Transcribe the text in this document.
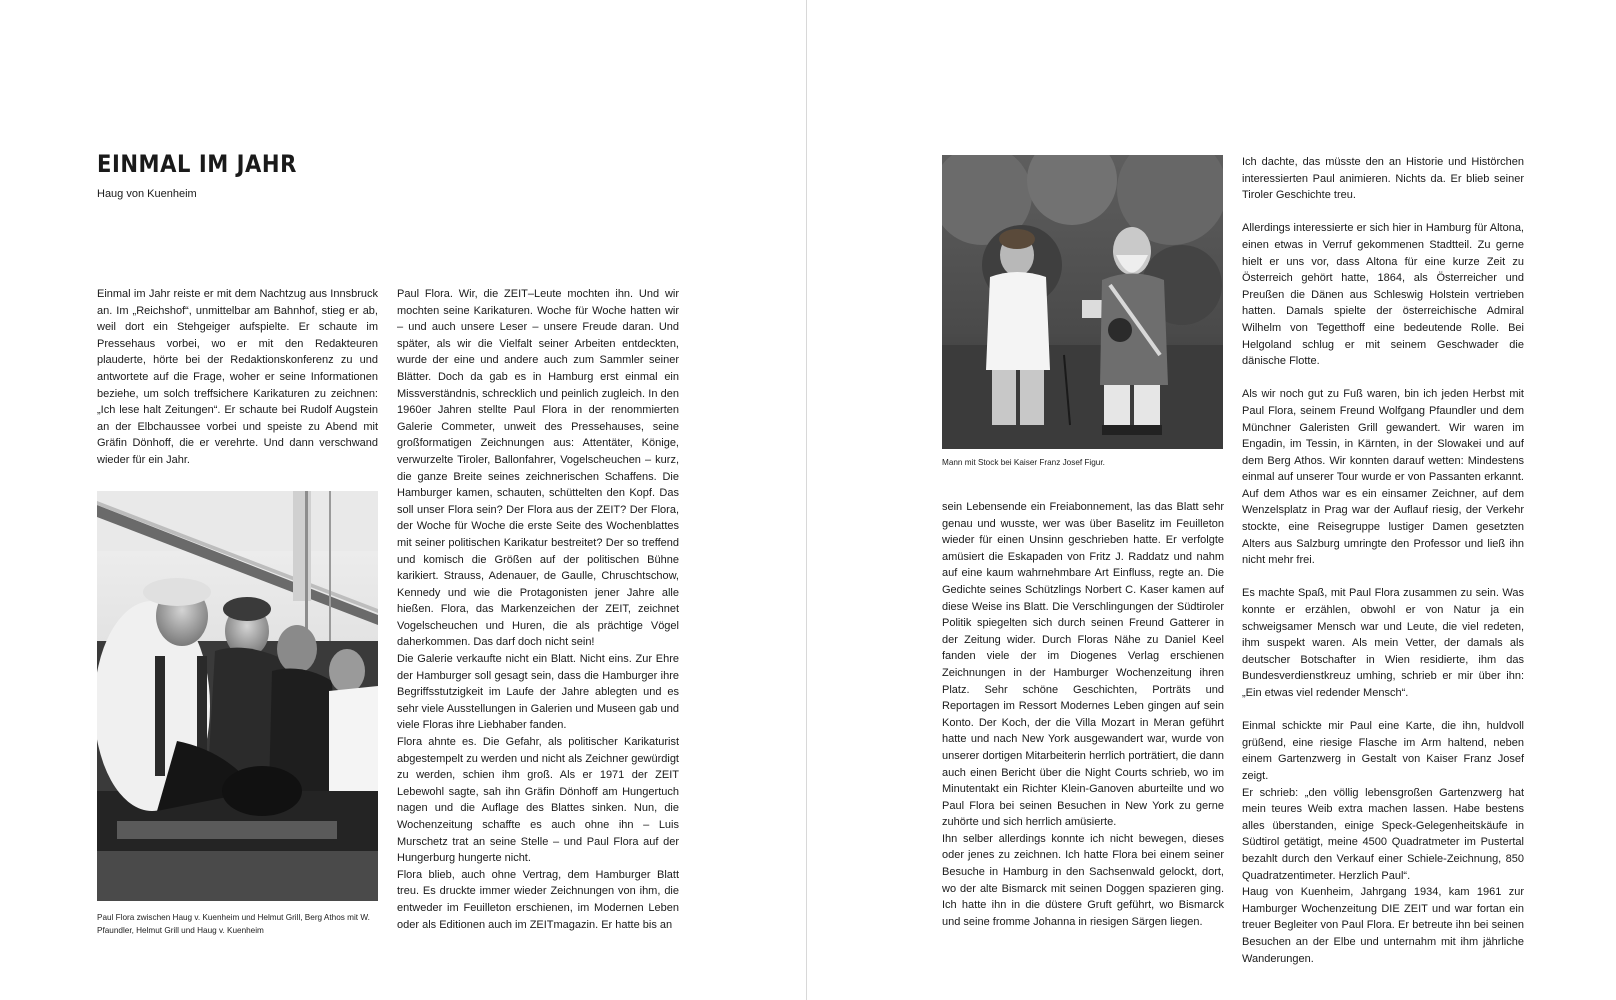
EINMAL IM JAHR
Haug von Kuenheim

Einmal im Jahr reiste er mit dem Nachtzug aus Innsbruck an. Im „Reichshof“, unmittelbar am Bahnhof, stieg er ab, weil dort ein Stehgeiger aufspielte. Er schaute im Pressehaus vorbei, wo er mit den Redakteuren plauderte, hörte bei der Redaktionskonferenz zu und antwortete auf die Frage, woher er seine Informationen beziehe, um solch treffsichere Karikaturen zu zeichnen: „Ich lese halt Zeitungen“. Er schaute bei Rudolf Augstein an der Elbchaussee vorbei und speiste zu Abend mit Gräfin Dönhoff, die er verehrte. Und dann verschwand wieder für ein Jahr.

Paul Flora zwischen Haug v. Kuenheim und Helmut Grill, Berg Athos mit W. Pfaundler, Helmut Grill und Haug v. Kuenheim

Paul Flora. Wir, die ZEIT–Leute mochten ihn. Und wir mochten seine Karikaturen. Woche für Woche hatten wir – und auch unsere Leser – unsere Freude daran. Und später, als wir die Vielfalt seiner Arbeiten entdeckten, wurde der eine und andere auch zum Sammler seiner Blätter. Doch da gab es in Hamburg erst einmal ein Missverständnis, schrecklich und peinlich zugleich. In den 1960er Jahren stellte Paul Flora in der renommierten Galerie Commeter, unweit des Pressehauses, seine großformatigen Zeichnungen aus: Attentäter, Könige, verwurzelte Tiroler, Ballonfahrer, Vogelscheuchen – kurz, die ganze Breite seines zeichnerischen Schaffens. Die Hamburger kamen, schauten, schüttelten den Kopf. Das soll unser Flora sein? Der Flora aus der ZEIT? Der Flora, der Woche für Woche die erste Seite des Wochenblattes mit seiner politischen Karikatur bestreitet? Der so treffend und komisch die Größen auf der politischen Bühne karikiert. Strauss, Adenauer, de Gaulle, Chruschtschow, Kennedy und wie die Protagonisten jener Jahre alle hießen. Flora, das Markenzeichen der ZEIT, zeichnet Vogelscheuchen und Huren, die als prächtige Vögel daherkommen. Das darf doch nicht sein!

Die Galerie verkaufte nicht ein Blatt. Nicht eins. Zur Ehre der Hamburger soll gesagt sein, dass die Hamburger ihre Begriffsstutzigkeit im Laufe der Jahre ablegten und es sehr viele Ausstellungen in Galerien und Museen gab und viele Floras ihre Liebhaber fanden.

Flora ahnte es. Die Gefahr, als politischer Karikaturist abgestempelt zu werden und nicht als Zeichner gewürdigt zu werden, schien ihm groß. Als er 1971 der ZEIT Lebewohl sagte, sah ihn Gräfin Dönhoff am Hungertuch nagen und die Auflage des Blattes sinken. Nun, die Wochenzeitung schaffte es auch ohne ihn – Luis Murschetz trat an seine Stelle – und Paul Flora auf der Hungerburg hungerte nicht.

Flora blieb, auch ohne Vertrag, dem Hamburger Blatt treu. Es druckte immer wieder Zeichnungen von ihm, die entweder im Feuilleton erschienen, im Modernen Leben oder als Editionen auch im ZEITmagazin. Er hatte bis an

Mann mit Stock bei Kaiser Franz Josef Figur.

sein Lebensende ein Freiabonnement, las das Blatt sehr genau und wusste, wer was über Baselitz im Feuilleton wieder für einen Unsinn geschrieben hatte. Er verfolgte amüsiert die Eskapaden von Fritz J. Raddatz und nahm auf eine kaum wahrnehmbare Art Einfluss, regte an. Die Gedichte seines Schützlings Norbert C. Kaser kamen auf diese Weise ins Blatt. Die Verschlingungen der Südtiroler Politik spiegelten sich durch seinen Freund Gatterer in der Zeitung wider. Durch Floras Nähe zu Daniel Keel fanden viele der im Diogenes Verlag erschienen Zeichnungen in der Hamburger Wochenzeitung ihren Platz. Sehr schöne Geschichten, Porträts und Reportagen im Ressort Modernes Leben gingen auf sein Konto. Der Koch, der die Villa Mozart in Meran geführt hatte und nach New York ausgewandert war, wurde von unserer dortigen Mitarbeiterin herrlich porträtiert, die dann auch einen Bericht über die Night Courts schrieb, wo im Minutentakt ein Richter Klein-Ganoven aburteilte und wo Paul Flora bei seinen Besuchen in New York zu gerne zuhörte und sich herrlich amüsierte.

Ihn selber allerdings konnte ich nicht bewegen, dieses oder jenes zu zeichnen. Ich hatte Flora bei einem seiner Besuche in Hamburg in den Sachsenwald gelockt, dort, wo der alte Bismarck mit seinen Doggen spazieren ging. Ich hatte ihn in die düstere Gruft geführt, wo Bismarck und seine fromme Johanna in riesigen Särgen liegen.

Ich dachte, das müsste den an Historie und Histörchen interessierten Paul animieren. Nichts da. Er blieb seiner Tiroler Geschichte treu.

Allerdings interessierte er sich hier in Hamburg für Altona, einen etwas in Verruf gekommenen Stadtteil. Zu gerne hielt er uns vor, dass Altona für eine kurze Zeit zu Österreich gehört hatte, 1864, als Österreicher und Preußen die Dänen aus Schleswig Holstein vertrieben hatten. Damals spielte der österreichische Admiral Wilhelm von Tegetthoff eine bedeutende Rolle. Bei Helgoland schlug er mit seinem Geschwader die dänische Flotte.

Als wir noch gut zu Fuß waren, bin ich jeden Herbst mit Paul Flora, seinem Freund Wolfgang Pfaundler und dem Münchner Galeristen Grill gewandert. Wir waren im Engadin, im Tessin, in Kärnten, in der Slowakei und auf dem Berg Athos. Wir konnten darauf wetten: Mindestens einmal auf unserer Tour wurde er von Passanten erkannt. Auf dem Athos war es ein einsamer Zeichner, auf dem Wenzelsplatz in Prag war der Auflauf riesig, der Verkehr stockte, eine Reisegruppe lustiger Damen gesetzten Alters aus Salzburg umringte den Professor und ließ ihn nicht mehr frei.

Es machte Spaß, mit Paul Flora zusammen zu sein. Was konnte er erzählen, obwohl er von Natur ja ein schweigsamer Mensch war und Leute, die viel redeten, ihm suspekt waren. Als mein Vetter, der damals als deutscher Botschafter in Wien residierte, ihm das Bundesverdienstkreuz umhing, schrieb er mir über ihn: „Ein etwas viel redender Mensch“.

Einmal schickte mir Paul eine Karte, die ihn, huldvoll grüßend, eine riesige Flasche im Arm haltend, neben einem Gartenzwerg in Gestalt von Kaiser Franz Josef zeigt.

Er schrieb: „den völlig lebensgroßen Gartenzwerg hat mein teures Weib extra machen lassen. Habe bestens alles überstanden, einige Speck-Gelegenheitskäufe in Südtirol getätigt, meine 4500 Quadratmeter im Pustertal bezahlt durch den Verkauf einer Schiele-Zeichnung, 850 Quadratzentimeter. Herzlich Paul“.

Haug von Kuenheim, Jahrgang 1934, kam 1961 zur Hamburger Wochenzeitung DIE ZEIT und war fortan ein treuer Begleiter von Paul Flora. Er betreute ihn bei seinen Besuchen an der Elbe und unternahm mit ihm jährliche Wanderungen.
